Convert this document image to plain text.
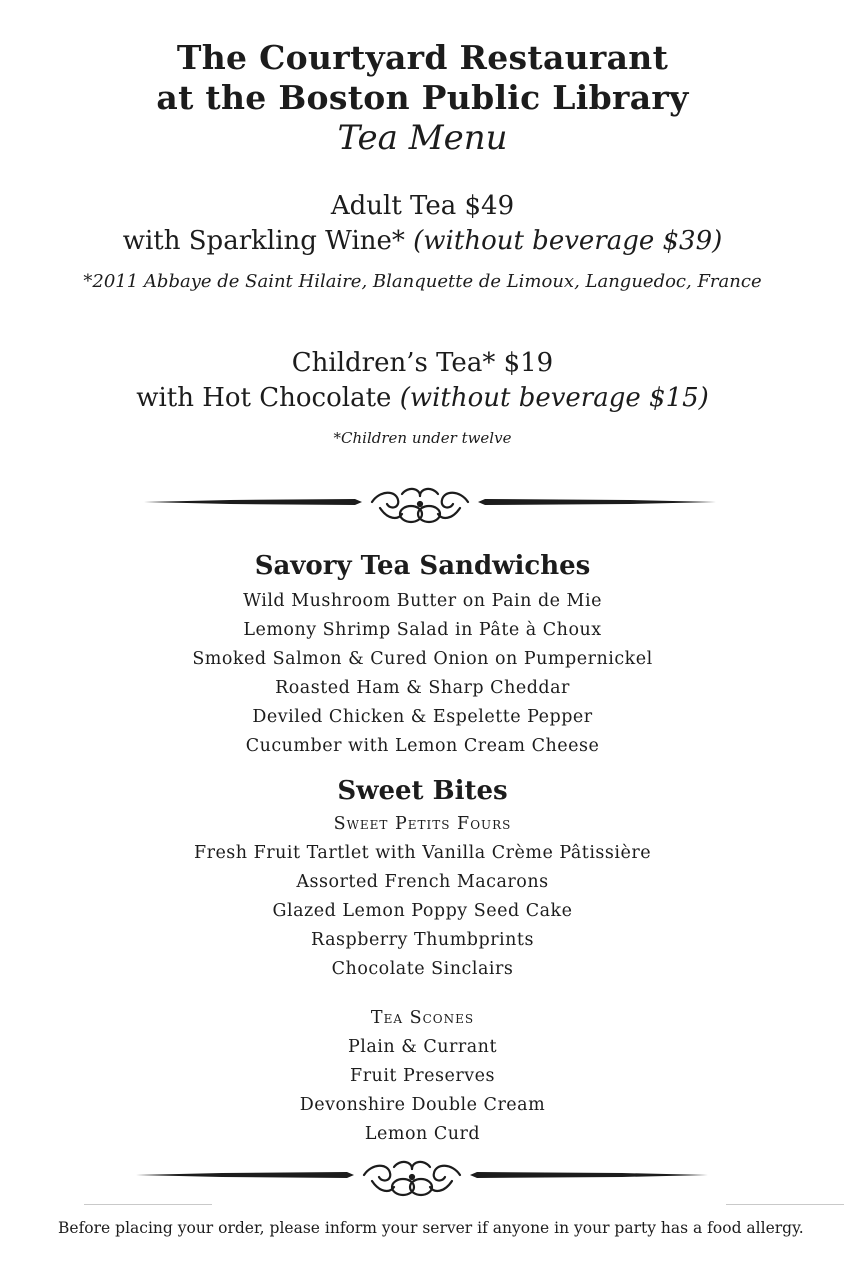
The Courtyard Restaurant
at the Boston Public Library
Tea Menu
Adult Tea $49
with Sparkling Wine* (without beverage $39)
*2011 Abbaye de Saint Hilaire, Blanquette de Limoux, Languedoc, France
Children’s Tea* $19
with Hot Chocolate (without beverage $15)
*Children under twelve
Savory Tea Sandwiches
Wild Mushroom Butter on Pain de Mie
Lemony Shrimp Salad in Pâte à Choux
Smoked Salmon & Cured Onion on Pumpernickel
Roasted Ham & Sharp Cheddar
Deviled Chicken & Espelette Pepper
Cucumber with Lemon Cream Cheese
Sweet Bites
Sweet Petits Fours
Fresh Fruit Tartlet with Vanilla Crème Pâtissière
Assorted French Macarons
Glazed Lemon Poppy Seed Cake
Raspberry Thumbprints
Chocolate Sinclairs
Tea Scones
Plain & Currant
Fruit Preserves
Devonshire Double Cream
Lemon Curd
Before placing your order, please inform your server if anyone in your party has a food allergy.
